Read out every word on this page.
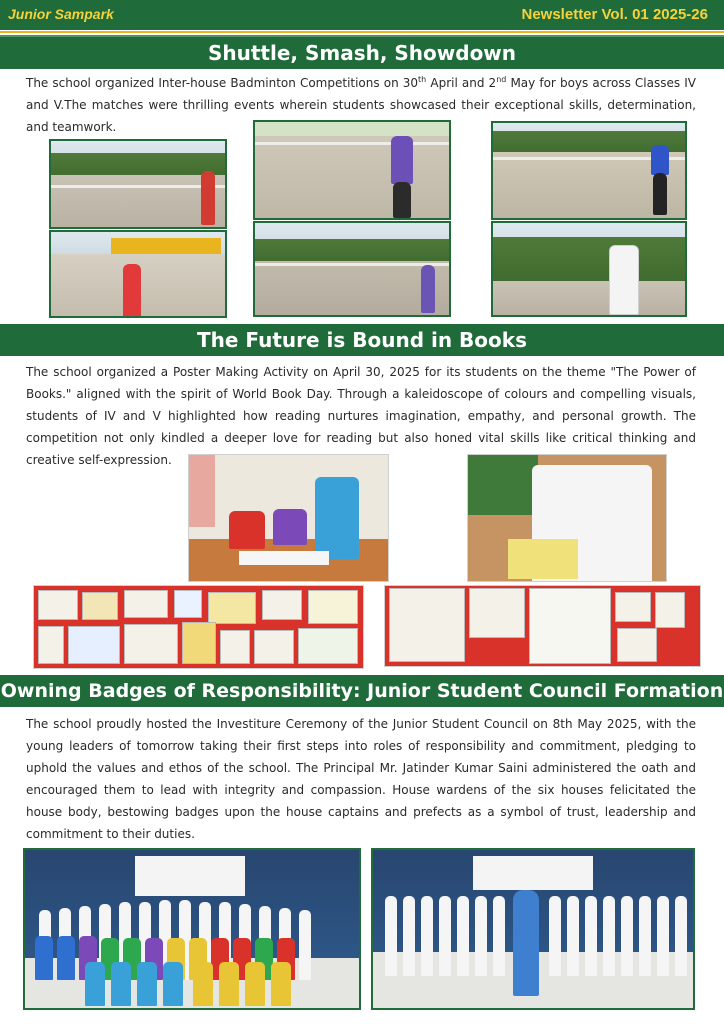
Junior Sampark	Newsletter Vol. 01 2025-26
Shuttle, Smash, Showdown

The school organized Inter-house Badminton Competitions on 30th April and 2nd May for boys across Classes IV and V.The matches were thrilling events wherein students showcased their exceptional skills, determination, and teamwork.

The Future is Bound in Books

The school organized a Poster Making Activity on April 30, 2025 for its students on the theme "The Power of Books." aligned with the spirit of World Book Day. Through a kaleidoscope of colours and compelling visuals, students of IV and V highlighted how reading nurtures imagination, empathy, and personal growth. The competition not only kindled a deeper love for reading but also honed vital skills like critical thinking and creative self-expression.

Owning Badges of Responsibility: Junior Student Council Formation

The school proudly hosted the Investiture Ceremony of the Junior Student Council on 8th May 2025, with the young leaders of tomorrow taking their first steps into roles of responsibility and commitment, pledging to uphold the values and ethos of the school. The Principal Mr. Jatinder Kumar Saini administered the oath and encouraged them to lead with integrity and compassion. House wardens of the six houses felicitated the house body, bestowing badges upon the house captains and prefects as a symbol of trust, leadership and commitment to their duties.
